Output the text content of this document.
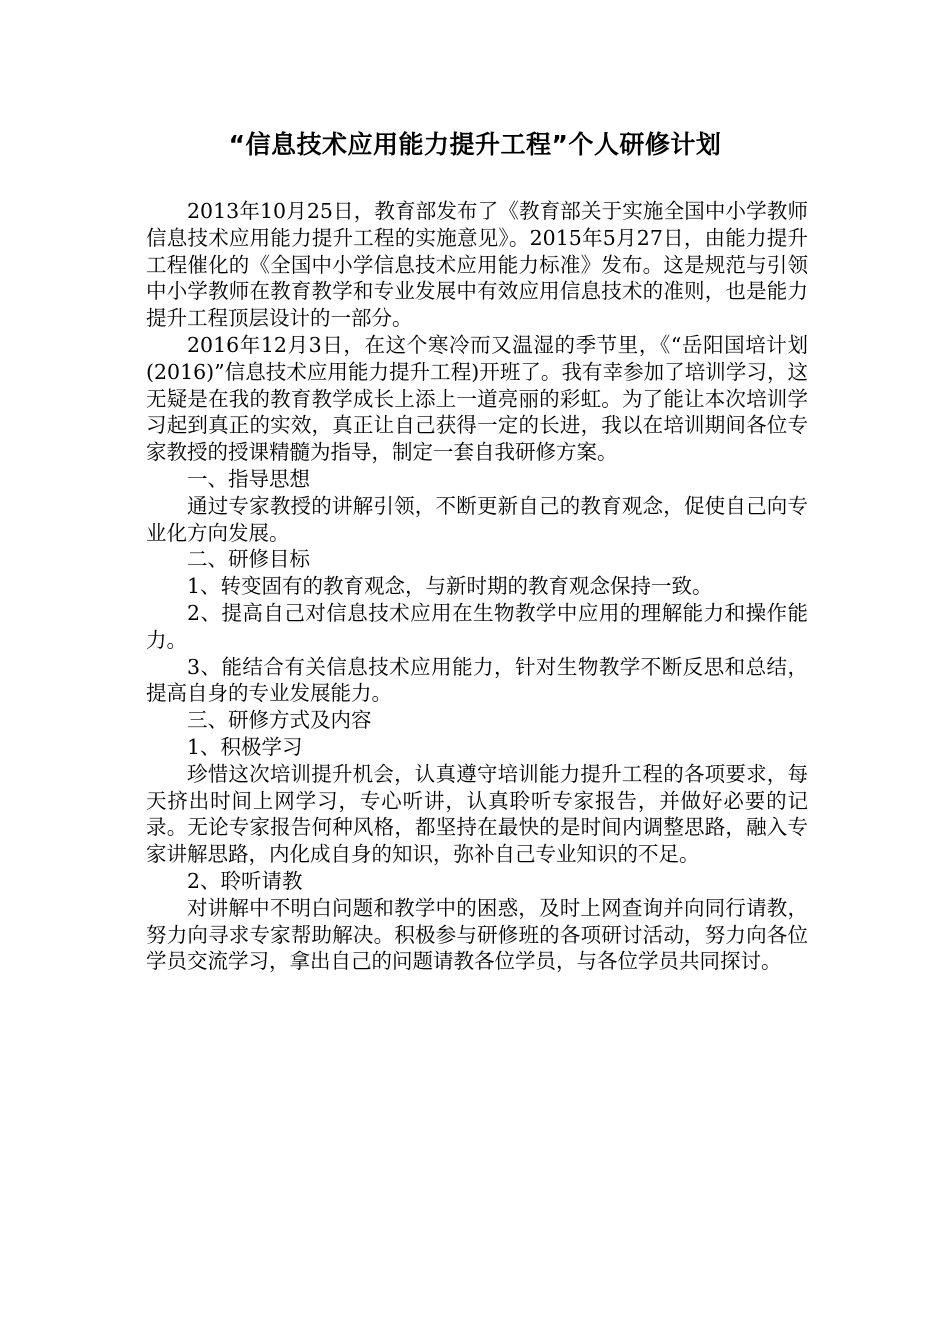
“信息技术应用能力提升工程”个人研修计划

2013年10月25日，教育部发布了《教育部关于实施全国中小学教师信息技术应用能力提升工程的实施意见》。2015年5月27日，由能力提升工程催化的《全国中小学信息技术应用能力标准》发布。这是规范与引领中小学教师在教育教学和专业发展中有效应用信息技术的准则，也是能力提升工程顶层设计的一部分。

2016年12月3日，在这个寒冷而又温湿的季节里，《“岳阳国培计划(2016)”信息技术应用能力提升工程)开班了。我有幸参加了培训学习，这无疑是在我的教育教学成长上添上一道亮丽的彩虹。为了能让本次培训学习起到真正的实效，真正让自己获得一定的长进，我以在培训期间各位专家教授的授课精髓为指导，制定一套自我研修方案。

一、指导思想

通过专家教授的讲解引领，不断更新自己的教育观念，促使自己向专业化方向发展。

二、研修目标

1、转变固有的教育观念，与新时期的教育观念保持一致。

2、提高自己对信息技术应用在生物教学中应用的理解能力和操作能力。

3、能结合有关信息技术应用能力，针对生物教学不断反思和总结，提高自身的专业发展能力。

三、研修方式及内容

1、积极学习

珍惜这次培训提升机会，认真遵守培训能力提升工程的各项要求，每天挤出时间上网学习，专心听讲，认真聆听专家报告，并做好必要的记录。无论专家报告何种风格，都坚持在最快的是时间内调整思路，融入专家讲解思路，内化成自身的知识，弥补自己专业知识的不足。

2、聆听请教

对讲解中不明白问题和教学中的困惑，及时上网查询并向同行请教，努力向寻求专家帮助解决。积极参与研修班的各项研讨活动，努力向各位学员交流学习，拿出自己的问题请教各位学员，与各位学员共同探讨。
